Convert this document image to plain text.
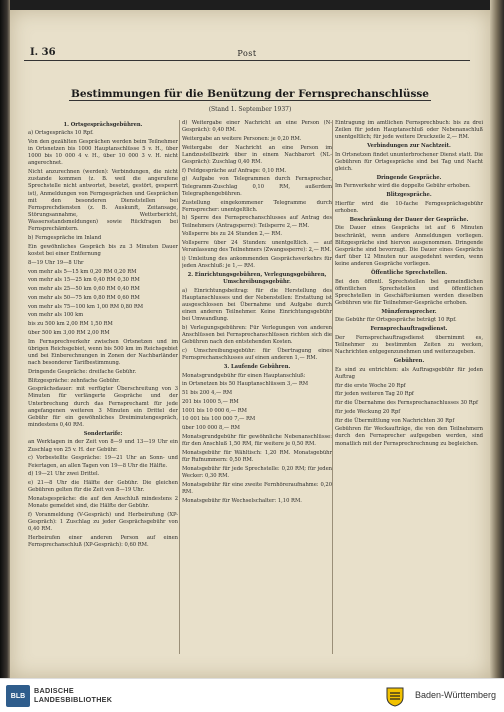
I. 36	Post
Bestimmungen für die Benützung der Fernsprechanschlüsse
(Stand 1. September 1937)

1. Ortsgesprächsgebühren.

a) Ortsgesprächs 10 Rpf.

Von den gezählten Gesprächen werden beim Teilnehmer in Ortsnetzen bis 1000 Hauptanschlüsse 5 v. H., über 1000 bis 10 000 4 v. H., über 10 000 3 v. H. nicht angerechnet.

Nicht anzurechnen (werden): Verbindungen, die nicht zustande kommen (z. B. weil die angerufene Sprechstelle nicht antwortet, besetzt, gestört, gesperrt ist), Anmeldungen von Ferngesprächen und Gesprächen mit den besonderen Dienststellen bei Fernsprechdiensten (z. B. Auskunft, Zeitansage, Störungsannahme, Wetterbericht, Wassersstandsmeldungen) sowie Rückfragen bei Fernsprechämtern.

b) Ferngespräche im Inland

Ein gewöhnliches Gespräch bis zu 3 Minuten Dauer kostet bei einer Entfernung

8—19 Uhr 19—8 Uhr

von mehr als 5—15 km 0,20 RM 0,20 RM

von mehr als 15—25 km 0,40 RM 0,30 RM

von mehr als 25—50 km 0,60 RM 0,40 RM

von mehr als 50—75 km 0,80 RM 0,60 RM

von mehr als 75—100 km 1,00 RM 0,80 RM

von mehr als 100 km

bis zu 500 km 2,00 RM 1,50 RM

über 500 km 3,00 RM 2,00 RM

Im Fernsprechverkehr zwischen Ortsnetzen und im übrigen Reichsgebiet, wenn bis 500 km im Reichsgebiet und bei Einberechnungen in Zonen der Nachbarländer nach besonderer Tarifbestimmung.

Dringende Gespräche: dreifache Gebühr.

Blitzgespräche: zehnfache Gebühr.

Gesprächsdauer: mit verfügter Überschreitung von 3 Minuten für verlängerte Gespräche und der Unterbrechung durch das Fernsprechamt für jede angefangenen weiteren 3 Minuten ein Drittel der Gebühr für ein gewöhnliches Dreiminutengespräch, mindestens 0,40 RM.

Sondertarife:

an Werktagen in der Zeit von 8—9 und 13—19 Uhr ein Zuschlag von 25 v. H. der Gebühr.

c) Vorbestellte Gespräche: 19—21 Uhr an Sonn- und Feiertagen, an allen Tagen von 19—8 Uhr die Hälfte.

d) 19—21 Uhr zwei Drittel.

e) 21—8 Uhr die Hälfte der Gebühr. Die gleichen Gebühren gelten für die Zeit von 8—19 Uhr.

Monatsgespräche: die auf den Anschluß mindestens 2 Monate gemeldet sind, die Hälfte der Gebühr.

f) Voranmeldung (V-Gespräch) und Herbeirufung (XP-Gespräch): 1 Zuschlag zu jeder Gesprächsgebühr von 0,40 RM.

Herbeirufen einer anderen Person auf einen Fernsprechanschluß (XP-Gespräch): 0,60 RM.

d) Weitergabe einer Nachricht an eine Person (N-Gespräch): 0,40 RM.

Weitergabe an weitere Personen: je 0,20 RM.

Weitergabe der Nachricht an eine Person im Landzustellbezirk über in einem Nachbarort (NL-Gespräch): Zuschlag 0,40 RM.

f) Feldgespräche auf Anfrage: 0,10 RM.

g) Aufgabe von Telegrammen durch Fernsprecher, Telegramm-Zuschlag 0,10 RM, außerdem Telegraphengebühren.

Zustellung eingekommener Telegramme durch Fernsprecher: unentgeltlich.

h) Sperre des Fernsprechanschlusses auf Antrag des Teilnehmers (Antragsperre): Teilsperre 2,— RM.

Vollsperre bis zu 24 Stunden 2,— RM.

Vollsperre über 24 Stunden: unentgeltlich. — auf Veranlassung des Teilnehmers (Zwangssperre): 2,— RM.

i) Umleitung des ankommenden Gesprächsverkehrs für jeden Anschluß: je 1,— RM.

2. Einrichtungsgebühren, Verlegungsgebühren, Umschreibungsgebühr.

a) Einrichtungsbeitrag: für die Herstellung des Hauptanschlusses und der Nebenstellen: Erstattung ist ausgeschlossen bei Übernahme und Aufgabe durch einen anderen Teilnehmer. Keine Einrichtungsgebühr bei Umwandlung.

b) Verlegungsgebühren: Für Verlegungen von anderen Anschlüssen bei Fernsprechanschlüssen richten sich die Gebühren nach den entstehenden Kosten.

c) Umschreibungsgebühr: für Übertragung eines Fernsprechanschlusses auf einen anderen 1,— RM.

3. Laufende Gebühren.

Monatsgrundgebühr für einen Hauptanschluß:

in Ortsnetzen bis 50 Hauptanschlüssen 3,— RM

51 bis 200 4,— RM

201 bis 1000 5,— RM

1001 bis 10 000 6,— RM

10 001 bis 100 000 7,— RM

über 100 000 8,— RM

Monatsgrundgebühr für gewöhnliche Nebenanschlüsse: für den Anschluß 1,50 RM, für weitere je 0,50 RM.

Monatsgebühr für Wähltisch: 1,20 RM. Monatsgebühr für Rufnummern: 0,50 RM.

Monatsgebühr für jede Sprechstelle: 0,20 RM; für jeden Wecker: 0,30 RM.

Monatsgebühr für eine zweite Fernhöreraufnahme: 0,20 RM.

Monatsgebühr für Wechselschalter: 1,10 RM.

Eintragung im amtlichen Fernsprechbuch: bis zu drei Zeilen für jeden Hauptanschluß oder Nebenanschluß unentgeltlich; für jede weitere Druckzeile 2,— RM.

Verbindungen zur Nachtzeit.

In Ortsnetzen findet ununterbrochener Dienst statt. Die Gebühren für Ortsgespräche sind bei Tag und Nacht gleich.

Dringende Gespräche.

Im Fernverkehr wird die doppelte Gebühr erhoben.

Blitzgespräche.

Hierfür wird die 10-fache Ferngesprächsgebühr erhoben.

Beschränkung der Dauer der Gespräche.

Die Dauer eines Gesprächs ist auf 6 Minuten beschränkt, wenn andere Anmeldungen vorliegen. Blitzgespräche sind hiervon ausgenommen. Dringende Gespräche sind bevorzugt. Die Dauer eines Gesprächs darf über 12 Minuten nur ausgedehnt werden, wenn keine anderen Gespräche vorliegen.

Öffentliche Sprechstellen.

Bei den öffentl. Sprechstellen bei gemeindlichen öffentlichen Sprechstellen und öffentlichen Sprechstellen in Geschäftsräumen werden dieselben Gebühren wie für Teilnehmer-Gespräche erhoben.

Münzfernsprecher.

Die Gebühr für Ortsgespräche beträgt 10 Rpf.

Fernsprechauftragsdienst.

Der Fernsprechauftragsdienst übernimmt es, Teilnehmer zu bestimmten Zeiten zu wecken, Nachrichten entgegenzunehmen und weiterzugeben.

Gebühren.

Es sind zu entrichten: als Auftragsgebühr für jeden Auftrag

für die erste Woche 20 Rpf

für jeden weiteren Tag 20 Rpf

für die Übernahme des Fernsprechanschlusses 30 Rpf

für jede Weckung 20 Rpf

für die Übermittlung von Nachrichten 30 Rpf

Gebühren für Weckaufträge, die von den Teilnehmern durch den Fernsprecher aufgegeben werden, sind monatlich mit der Fernsprechrechnung zu begleichen.

BLB
BADISCHE
LANDESBIBLIOTHEK	Baden-Württemberg
